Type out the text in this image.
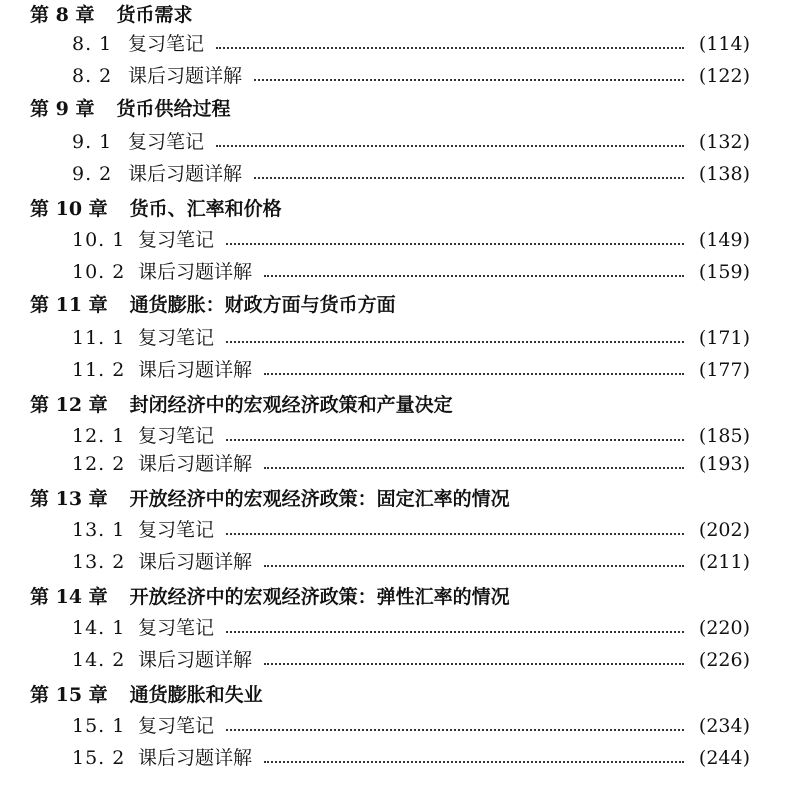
第 8 章 货币需求
8. 1 复习笔记	(114)
8. 2 课后习题详解	(122)
第 9 章 货币供给过程
9. 1 复习笔记	(132)
9. 2 课后习题详解	(138)
第 10 章 货币、汇率和价格
10. 1 复习笔记	(149)
10. 2 课后习题详解	(159)
第 11 章 通货膨胀：财政方面与货币方面
11. 1 复习笔记	(171)
11. 2 课后习题详解	(177)
第 12 章 封闭经济中的宏观经济政策和产量决定
12. 1 复习笔记	(185)
12. 2 课后习题详解	(193)
第 13 章 开放经济中的宏观经济政策：固定汇率的情况
13. 1 复习笔记	(202)
13. 2 课后习题详解	(211)
第 14 章 开放经济中的宏观经济政策：弹性汇率的情况
14. 1 复习笔记	(220)
14. 2 课后习题详解	(226)
第 15 章 通货膨胀和失业
15. 1 复习笔记	(234)
15. 2 课后习题详解	(244)
